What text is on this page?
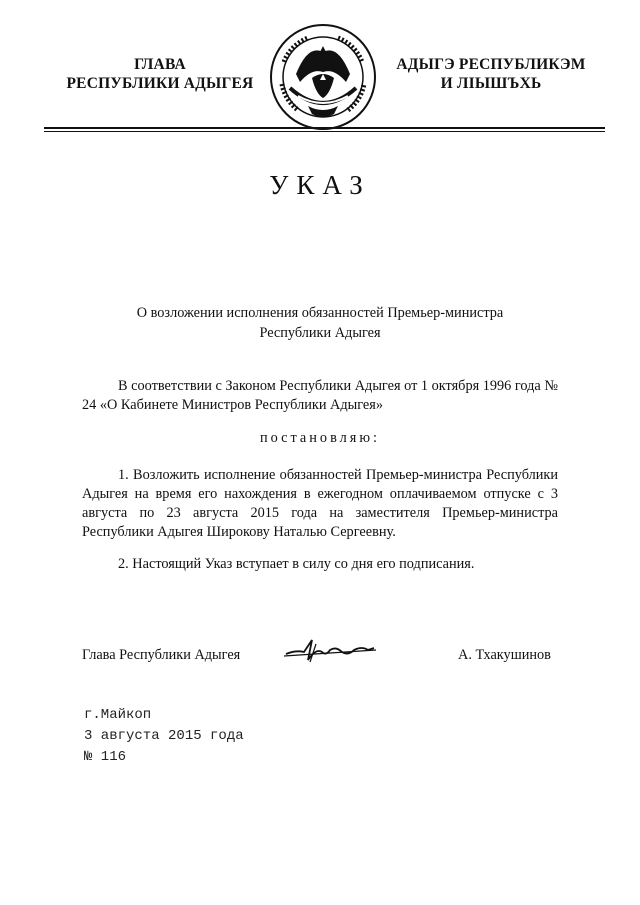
ГЛАВА
РЕСПУБЛИКИ АДЫГЕЯ
АДЫГЭ РЕСПУБЛИКЭМ
И ЛІЫШЪХЬ
УКАЗ
О возложении исполнения обязанностей Премьер-министра
Республики Адыгея
В соответствии с Законом Республики Адыгея от 1 октября 1996 года № 24 «О Кабинете Министров Республики Адыгея»
постановляю:
1. Возложить исполнение обязанностей Премьер-министра Республики Адыгея на время его нахождения в ежегодном оплачиваемом отпуске с 3 августа по 23 августа 2015 года на заместителя Премьер-министра Республики Адыгея Широкову Наталью Сергеевну.
2. Настоящий Указ вступает в силу со дня его подписания.
Глава Республики Адыгея	А. Тхакушинов
г.Майкоп
3 августа 2015 года
№ 116
